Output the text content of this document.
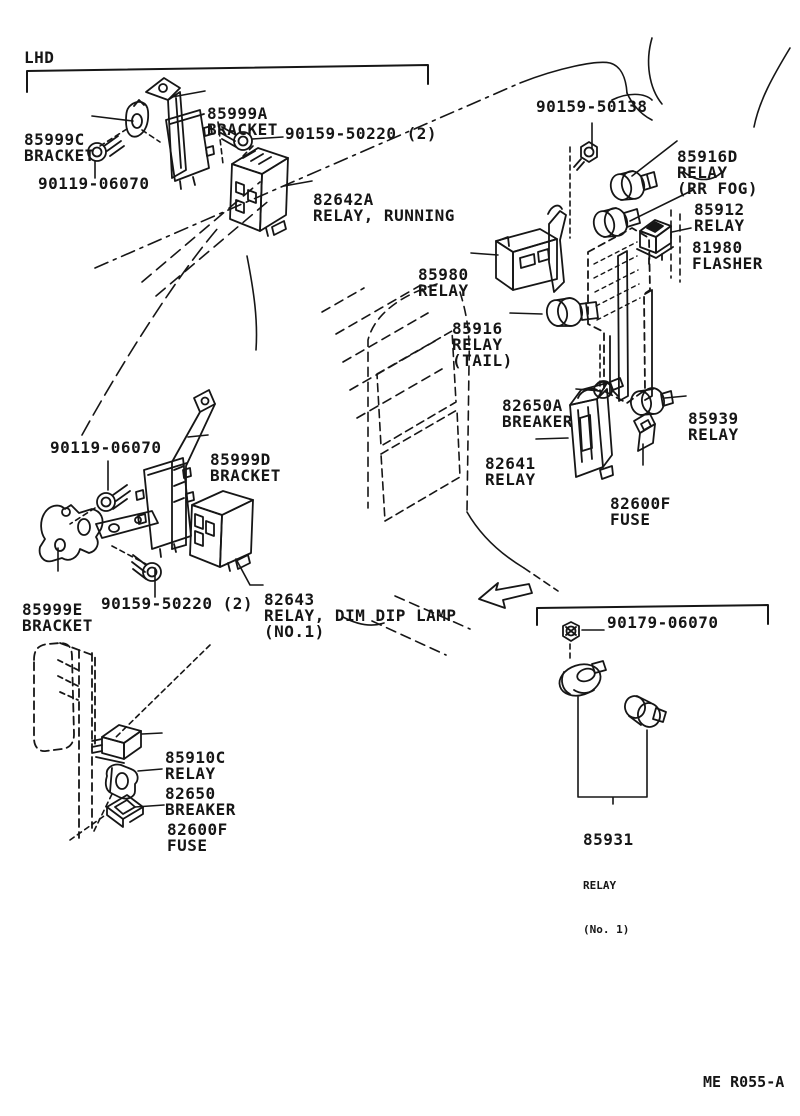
LHD

85999A
BRACKET

85999C
BRACKET
90159-50220 (2)
90119-06070

82642A
RELAY, RUNNING
90159-50138

85916D
RELAY
(RR FOG)

85912
RELAY

81980
FLASHER

85980
RELAY

85916
RELAY
(TAIL)

82650A
BREAKER

	85939
RELAY

82641
RELAY

82600F
FUSE

85999D
BRACKET
90119-06070

85999E
BRACKET
90159-50220 (2)

82643
RELAY, DIM DIP LAMP
(NO.1)

85910C
RELAY

82650
BREAKER

82600F
FUSE
90179-06070

85931

RELAY

(No. 1)
ME R055-A
